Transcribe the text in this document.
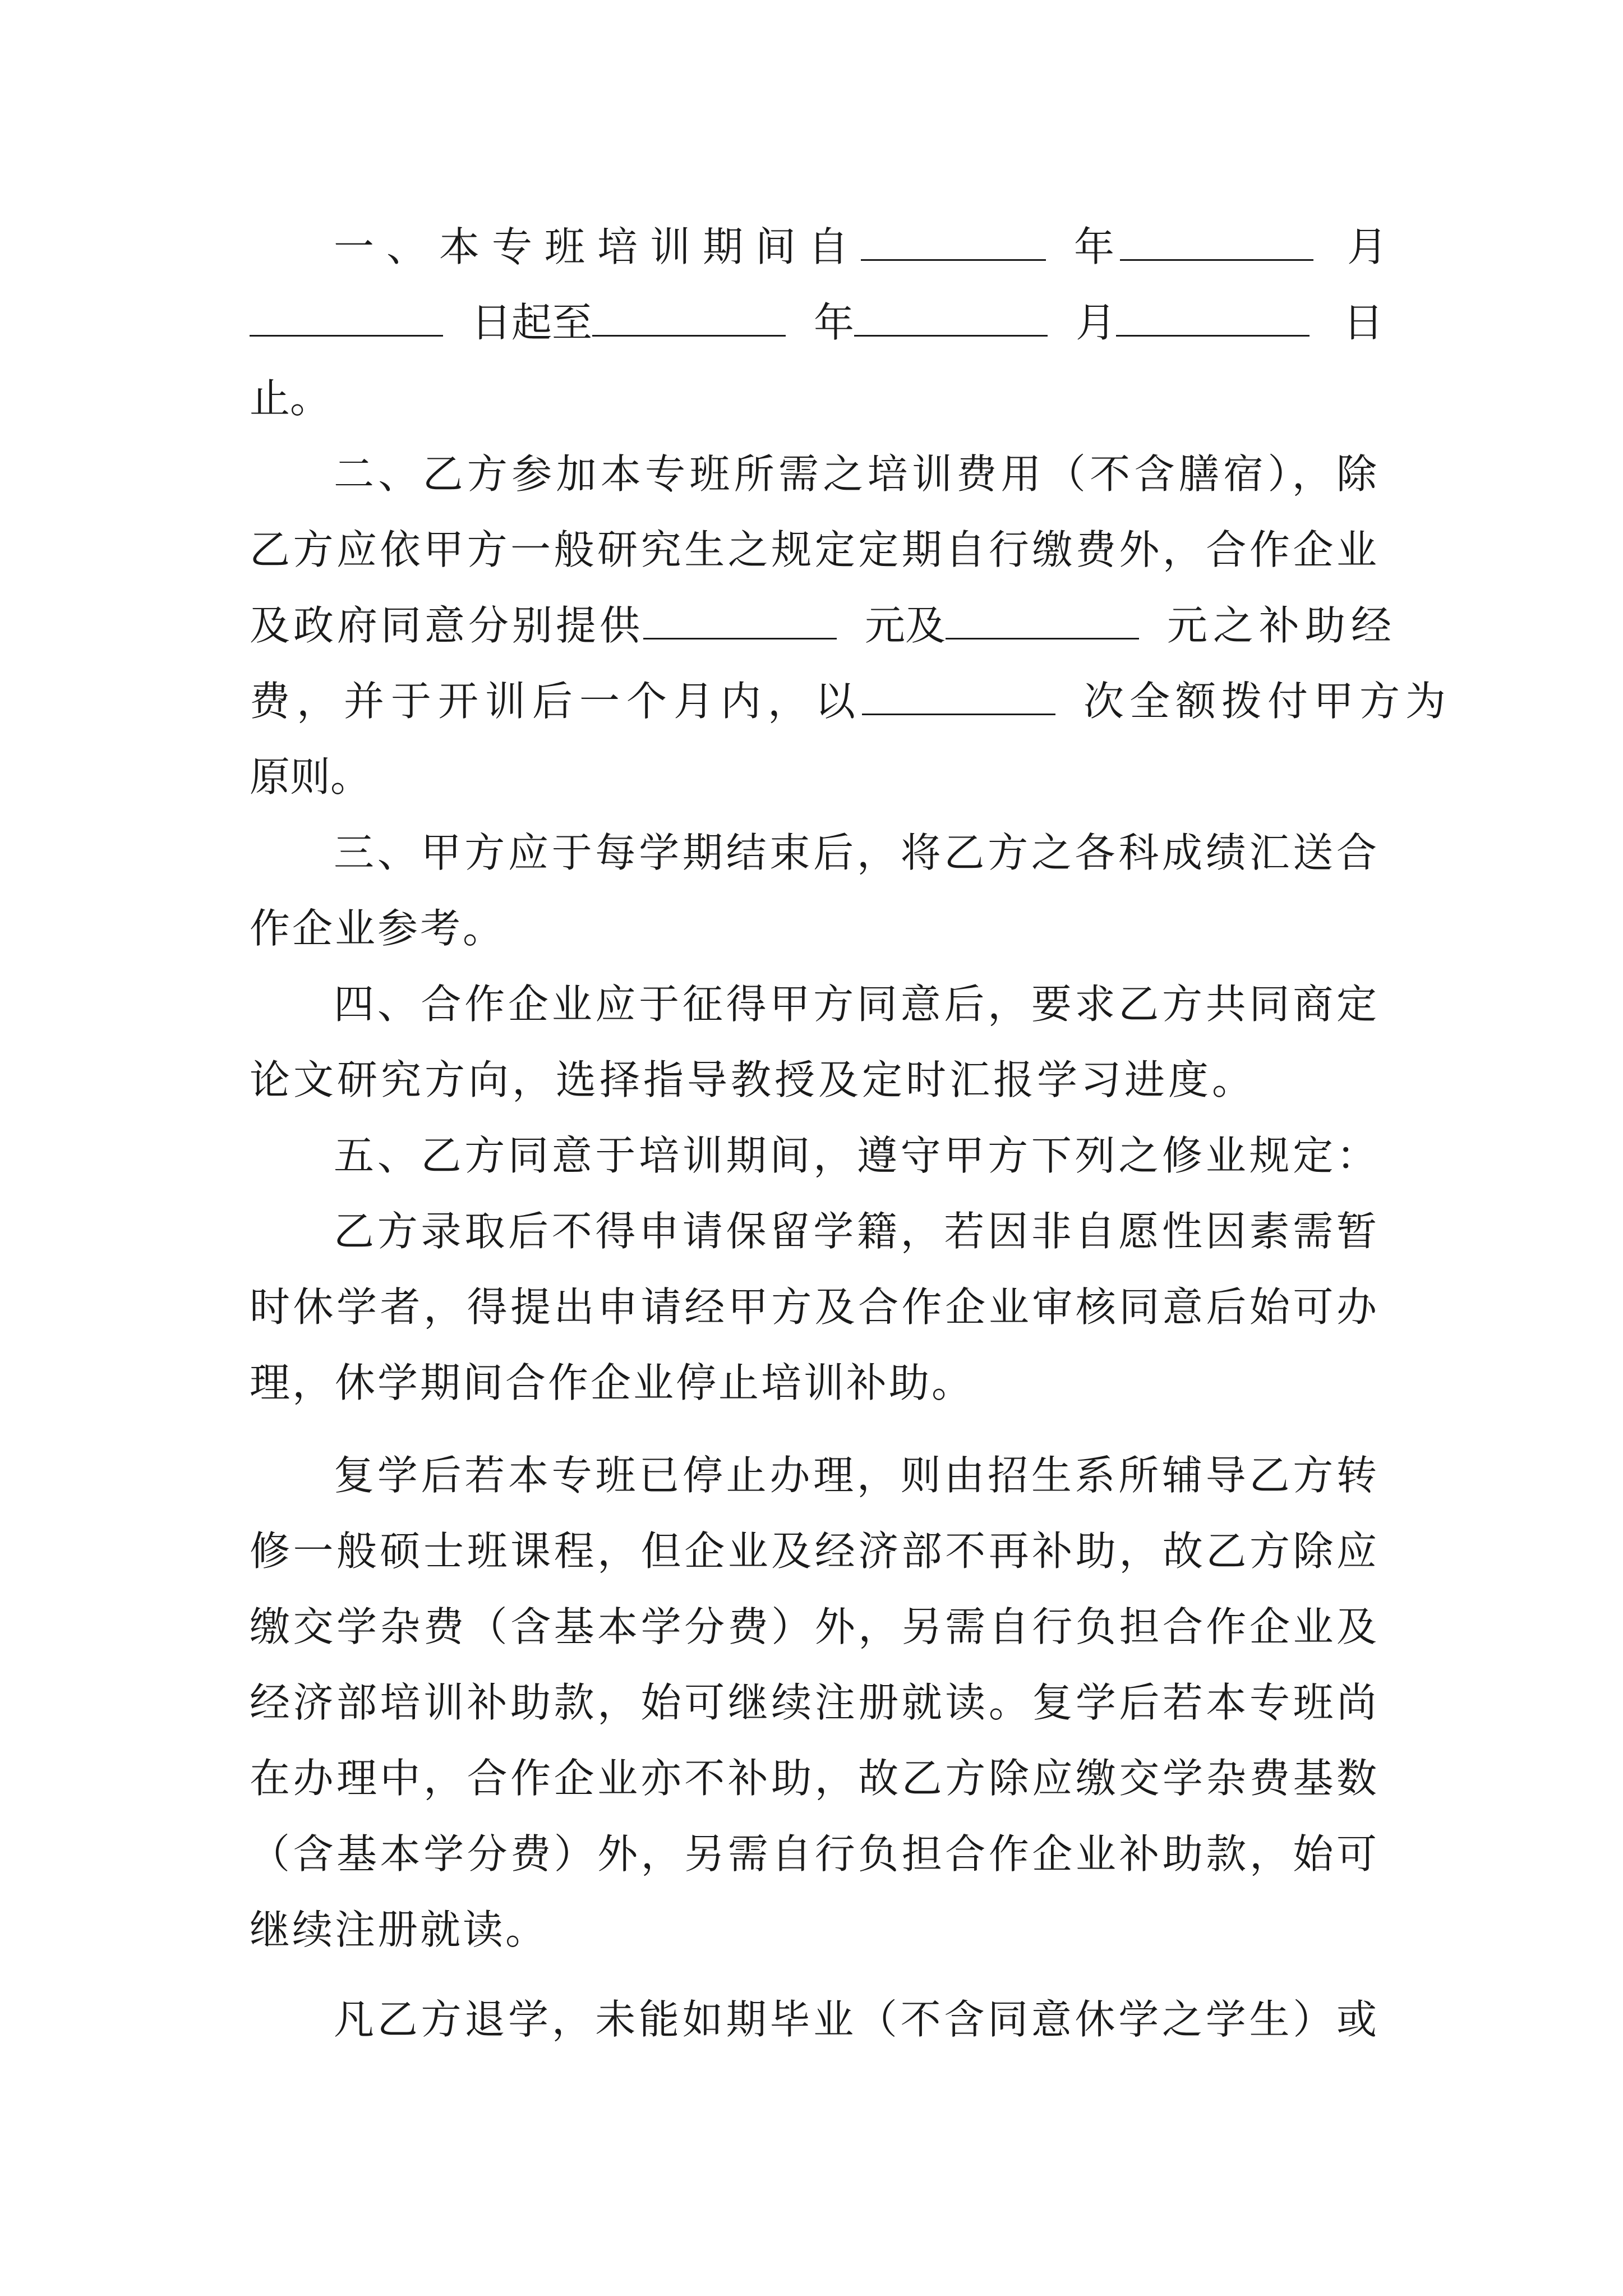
一、本专班培训期间自	年	月
日起至	年	月	日
止。
二、乙方参加本专班所需之培训费用（不含膳宿），除
乙方应依甲方一般研究生之规定定期自行缴费外，合作企业
及政府同意分别提供	元及	元之补助经
费，并于开训后一个月内，以	次全额拨付甲方为
原则。
三、甲方应于每学期结束后，将乙方之各科成绩汇送合
作企业参考。
四、合作企业应于征得甲方同意后，要求乙方共同商定
论文研究方向，选择指导教授及定时汇报学习进度。
五、乙方同意于培训期间，遵守甲方下列之修业规定：
乙方录取后不得申请保留学籍，若因非自愿性因素需暂
时休学者，得提出申请经甲方及合作企业审核同意后始可办
理，休学期间合作企业停止培训补助。
复学后若本专班已停止办理，则由招生系所辅导乙方转
修一般硕士班课程，但企业及经济部不再补助，故乙方除应
缴交学杂费（含基本学分费）外，另需自行负担合作企业及
经济部培训补助款，始可继续注册就读。复学后若本专班尚
在办理中，合作企业亦不补助，故乙方除应缴交学杂费基数
（含基本学分费）外，另需自行负担合作企业补助款，始可
继续注册就读。
凡乙方退学，未能如期毕业（不含同意休学之学生）或
